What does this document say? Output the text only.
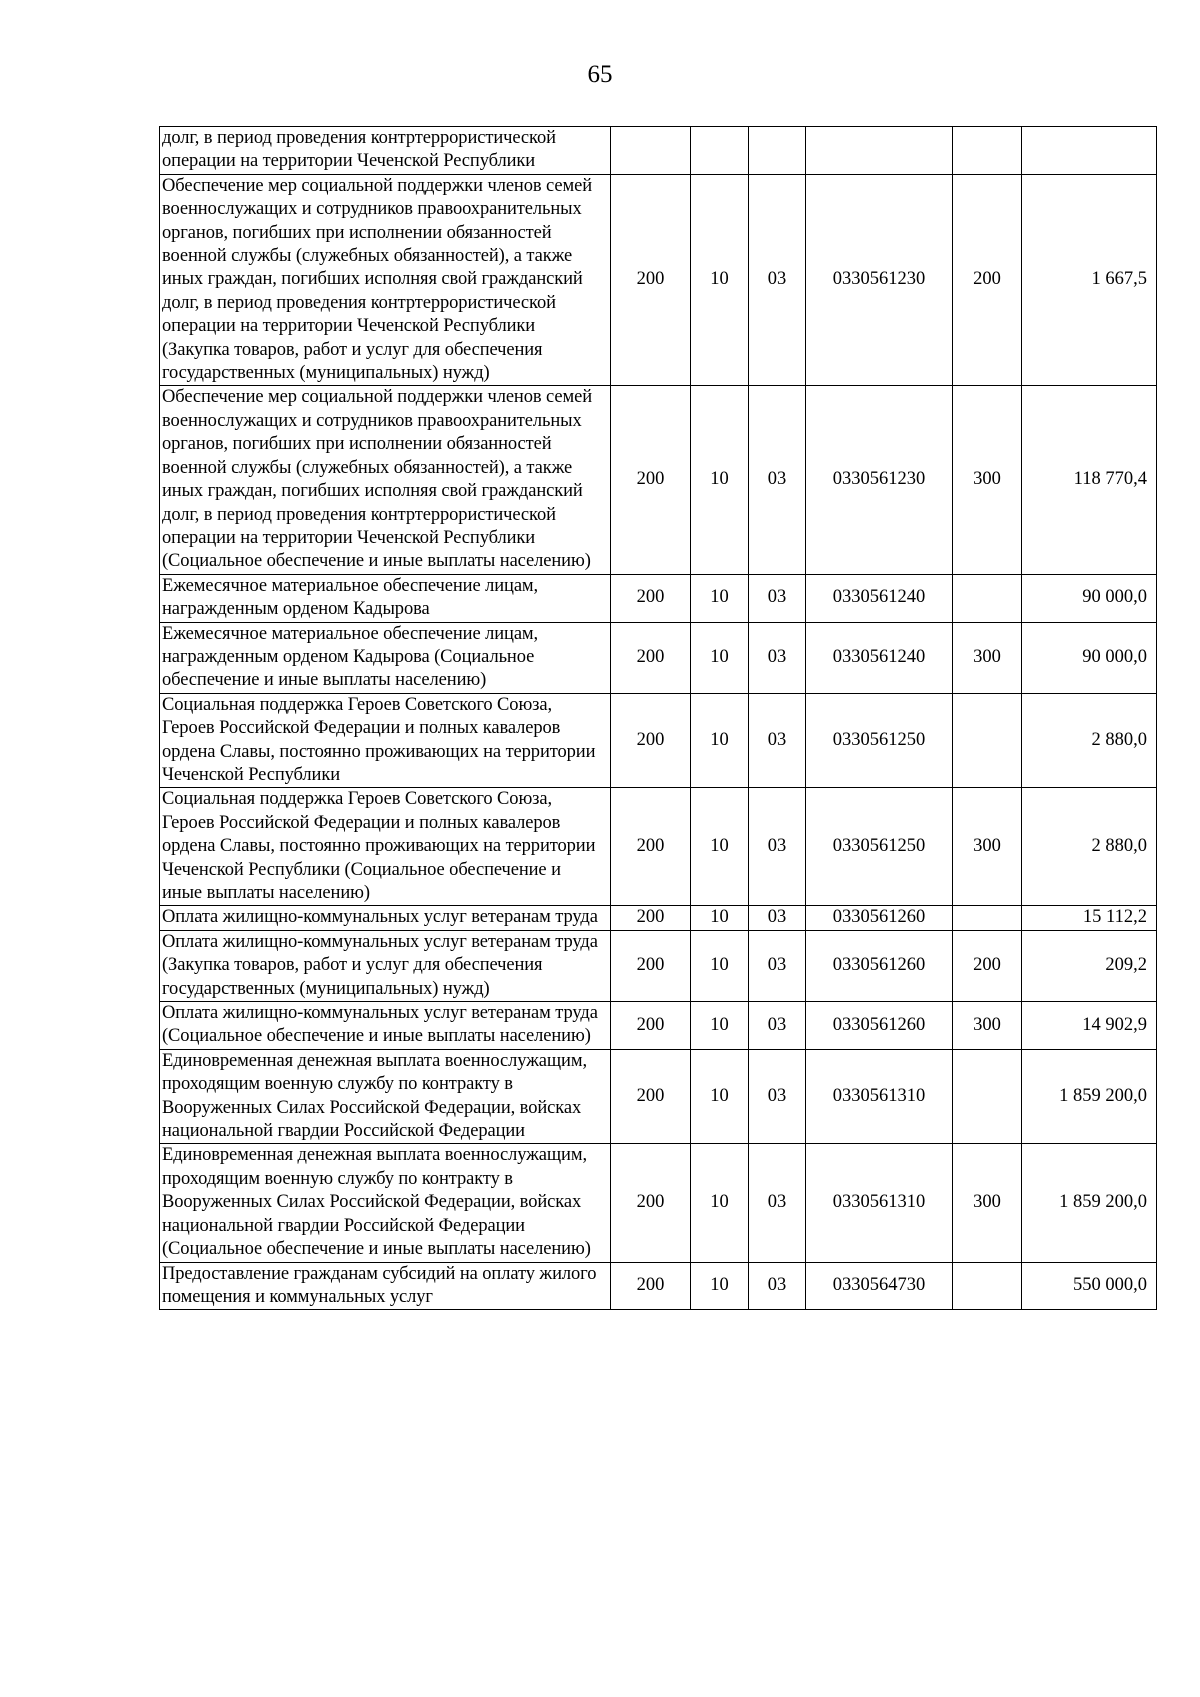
65
долг, в период проведения контртеррористической операции на территории Чеченской Республики						
Обеспечение мер социальной поддержки членов семей военнослужащих и сотрудников правоохранительных органов, погибших при исполнении обязанностей военной службы (служебных обязанностей), а также иных граждан, погибших исполняя свой гражданский долг, в период проведения контртеррористической операции на территории Чеченской Республики (Закупка товаров, работ и услуг для обеспечения государственных (муниципальных) нужд)	200	10	03	0330561230	200	1 667,5
Обеспечение мер социальной поддержки членов семей военнослужащих и сотрудников правоохранительных органов, погибших при исполнении обязанностей военной службы (служебных обязанностей), а также иных граждан, погибших исполняя свой гражданский долг, в период проведения контртеррористической операции на территории Чеченской Республики (Социальное обеспечение и иные выплаты населению)	200	10	03	0330561230	300	118 770,4
Ежемесячное материальное обеспечение лицам, награжденным орденом Кадырова	200	10	03	0330561240		90 000,0
Ежемесячное материальное обеспечение лицам, награжденным орденом Кадырова (Социальное обеспечение и иные выплаты населению)	200	10	03	0330561240	300	90 000,0
Социальная поддержка Героев Советского Союза, Героев Российской Федерации и полных кавалеров ордена Славы, постоянно проживающих на территории Чеченской Республики	200	10	03	0330561250		2 880,0
Социальная поддержка Героев Советского Союза, Героев Российской Федерации и полных кавалеров ордена Славы, постоянно проживающих на территории Чеченской Республики (Социальное обеспечение и иные выплаты населению)	200	10	03	0330561250	300	2 880,0
Оплата жилищно-коммунальных услуг ветеранам труда	200	10	03	0330561260		15 112,2
Оплата жилищно-коммунальных услуг ветеранам труда (Закупка товаров, работ и услуг для обеспечения государственных (муниципальных) нужд)	200	10	03	0330561260	200	209,2
Оплата жилищно-коммунальных услуг ветеранам труда (Социальное обеспечение и иные выплаты населению)	200	10	03	0330561260	300	14 902,9
Единовременная денежная выплата военнослужащим, проходящим военную службу по контракту в Вооруженных Силах Российской Федерации, войсках национальной гвардии Российской Федерации	200	10	03	0330561310		1 859 200,0
Единовременная денежная выплата военнослужащим, проходящим военную службу по контракту в Вооруженных Силах Российской Федерации, войсках национальной гвардии Российской Федерации (Социальное обеспечение и иные выплаты населению)	200	10	03	0330561310	300	1 859 200,0
Предоставление гражданам субсидий на оплату жилого помещения и коммунальных услуг	200	10	03	0330564730		550 000,0
